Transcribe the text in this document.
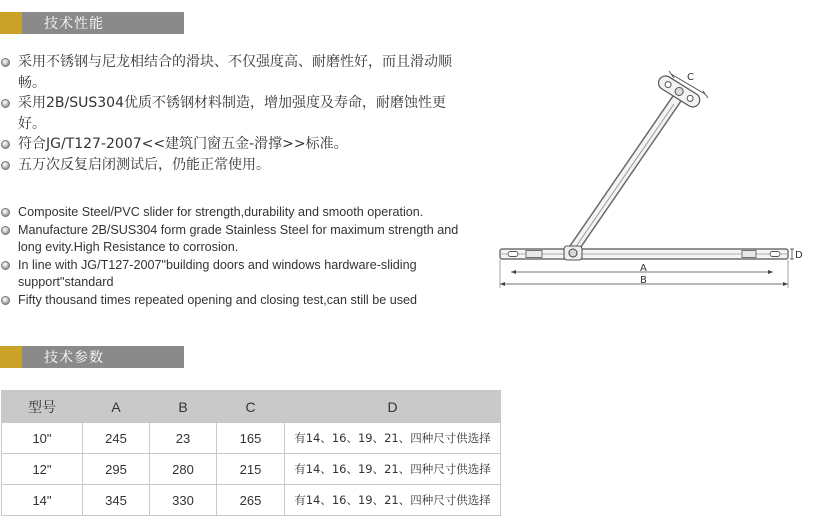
技术性能
采用不锈钢与尼龙相结合的滑块、不仅强度高、耐磨性好，而且滑动顺畅。
采用2B/SUS304优质不锈钢材料制造，增加强度及寿命，耐磨蚀性更好。
符合JG/T127-2007<<建筑门窗五金-滑撑>>标准。
五万次反复启闭测试后，仍能正常使用。
Composite Steel/PVC slider for strength,durability and smooth operation.
Manufacture 2B/SUS304 form grade Stainless Steel for maximum strength and long evity.High Resistance to corrosion.
In line with JG/T127-2007"building doors and windows hardware-sliding support"standard
Fifty thousand times repeated opening and closing test,can still be used
C
D
A
B
技术参数
型号	A	B	C	D
10"	245	23	165	有14、16、19、21、四种尺寸供选择
12"	295	280	215	有14、16、19、21、四种尺寸供选择
14"	345	330	265	有14、16、19、21、四种尺寸供选择
